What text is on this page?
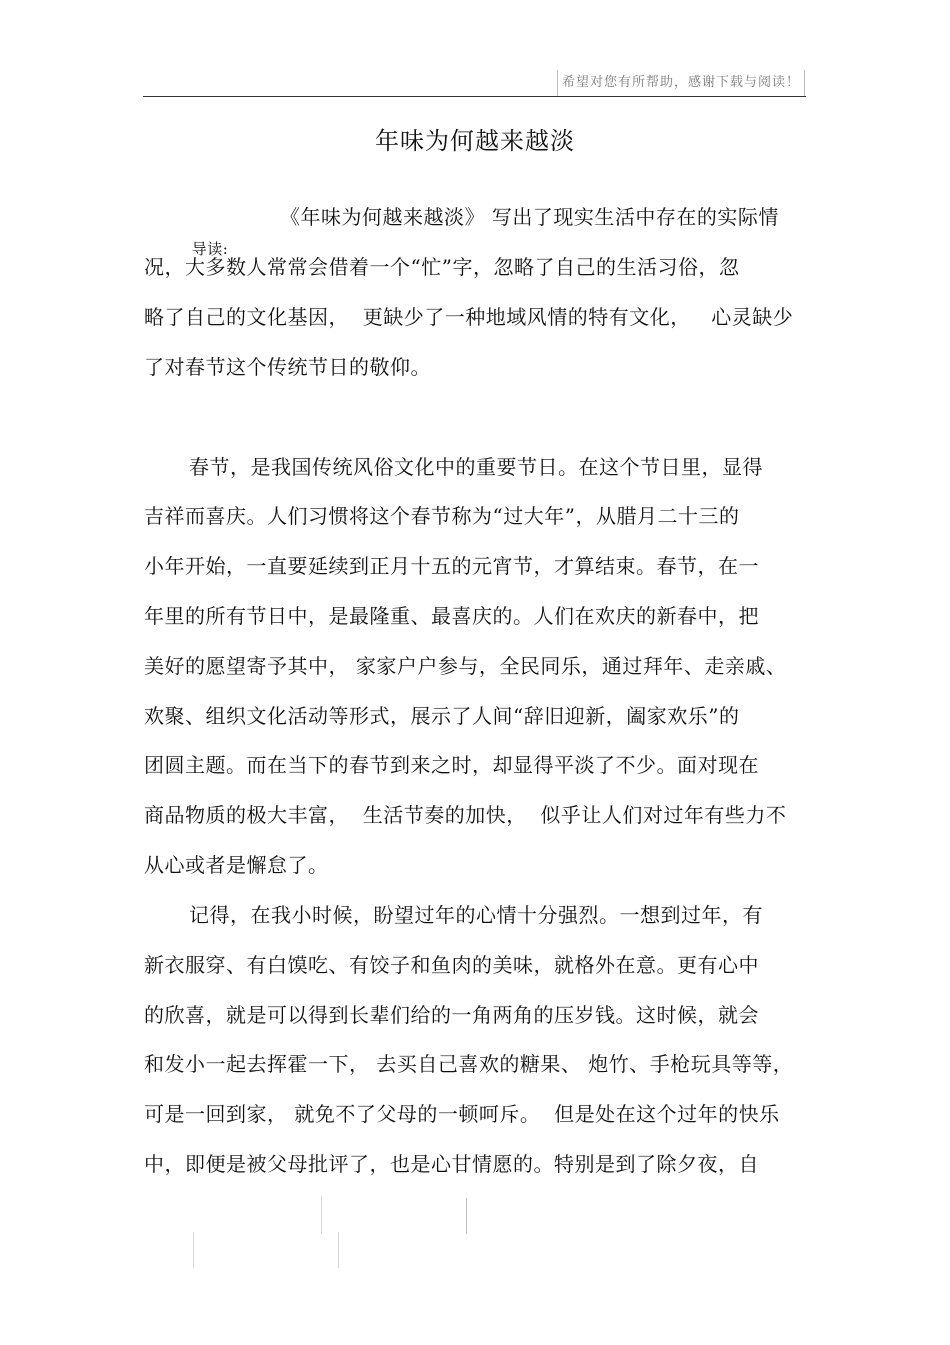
希望对您有所帮助，感谢下载与阅读！
年味为何越来越淡

导读:

《年味为何越来越淡》 写出了现实生活中存在的实际情
况，大多数人常常会借着一个“忙”字，忽略了自己的生活习俗，忽
略了自己的文化基因，  更缺少了一种地域风情的特有文化，   心灵缺少
了对春节这个传统节日的敬仰。
春节，是我国传统风俗文化中的重要节日。在这个节日里，显得
吉祥而喜庆。人们习惯将这个春节称为“过大年”，从腊月二十三的
小年开始，一直要延续到正月十五的元宵节，才算结束。春节，在一
年里的所有节日中，是最隆重、最喜庆的。人们在欢庆的新春中，把
美好的愿望寄予其中， 家家户户参与，全民同乐，通过拜年、走亲戚、
欢聚、组织文化活动等形式，展示了人间“辞旧迎新，阖家欢乐”的
团圆主题。而在当下的春节到来之时，却显得平淡了不少。面对现在
商品物质的极大丰富，  生活节奏的加快，  似乎让人们对过年有些力不
从心或者是懈怠了。
记得，在我小时候，盼望过年的心情十分强烈。一想到过年，有
新衣服穿、有白馍吃、有饺子和鱼肉的美味，就格外在意。更有心中
的欣喜，就是可以得到长辈们给的一角两角的压岁钱。这时候，就会
和发小一起去挥霍一下， 去买自己喜欢的糖果、 炮竹、手枪玩具等等，
可是一回到家， 就免不了父母的一顿呵斥。  但是处在这个过年的快乐
中，即便是被父母批评了，也是心甘情愿的。特别是到了除夕夜，自
